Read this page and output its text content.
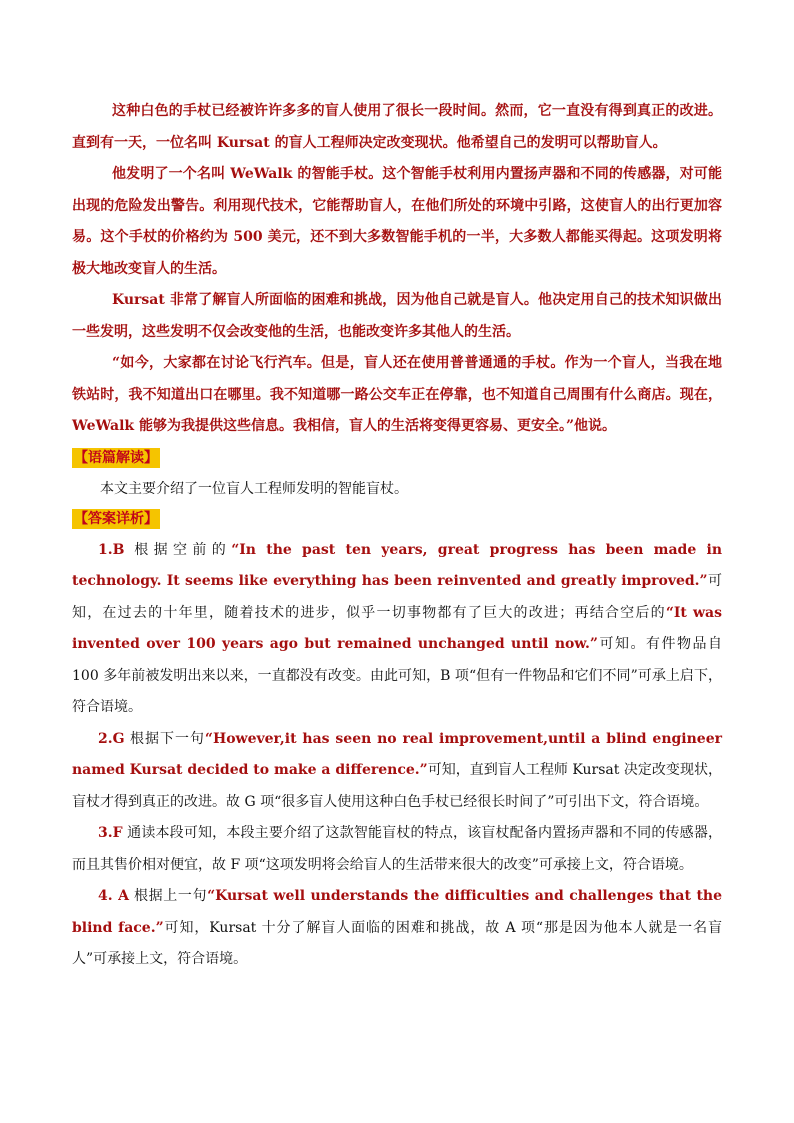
这种白色的手杖已经被许许多多的盲人使用了很长一段时间。然而，它一直没有得到真正的改进。直到有一天，一位名叫 Kursat 的盲人工程师决定改变现状。他希望自己的发明可以帮助盲人。

他发明了一个名叫 WeWalk 的智能手杖。这个智能手杖利用内置扬声器和不同的传感器，对可能出现的危险发出警告。利用现代技术，它能帮助盲人，在他们所处的环境中引路，这使盲人的出行更加容易。这个手杖的价格约为 500 美元，还不到大多数智能手机的一半，大多数人都能买得起。这项发明将极大地改变盲人的生活。

Kursat 非常了解盲人所面临的困难和挑战，因为他自己就是盲人。他决定用自己的技术知识做出一些发明，这些发明不仅会改变他的生活，也能改变许多其他人的生活。

“如今，大家都在讨论飞行汽车。但是，盲人还在使用普普通通的手杖。作为一个盲人，当我在地铁站时，我不知道出口在哪里。我不知道哪一路公交车正在停靠，也不知道自己周围有什么商店。现在，WeWalk 能够为我提供这些信息。我相信，盲人的生活将变得更容易、更安全。”他说。

【语篇解读】

本文主要介绍了一位盲人工程师发明的智能盲杖。

【答案详析】

1.B 根据空前的“In the past ten years, great progress has been made in technology. It seems like everything has been reinvented and greatly improved.”可知，在过去的十年里，随着技术的进步，似乎一切事物都有了巨大的改进；再结合空后的“It was invented over 100 years ago but remained unchanged until now.”可知。有件物品自 100 多年前被发明出来以来，一直都没有改变。由此可知，B 项“但有一件物品和它们不同”可承上启下，符合语境。

2.G 根据下一句“However,it has seen no real improvement,until a blind engineer named Kursat decided to make a difference.”可知，直到盲人工程师 Kursat 决定改变现状，盲杖才得到真正的改进。故 G 项“很多盲人使用这种白色手杖已经很长时间了”可引出下文，符合语境。

3.F 通读本段可知，本段主要介绍了这款智能盲杖的特点，该盲杖配备内置扬声器和不同的传感器，而且其售价相对便宜，故 F 项“这项发明将会给盲人的生活带来很大的改变”可承接上文，符合语境。

4. A 根据上一句“Kursat well understands the difficulties and challenges that the blind face.”可知，Kursat 十分了解盲人面临的困难和挑战，故 A 项“那是因为他本人就是一名盲人”可承接上文，符合语境。
